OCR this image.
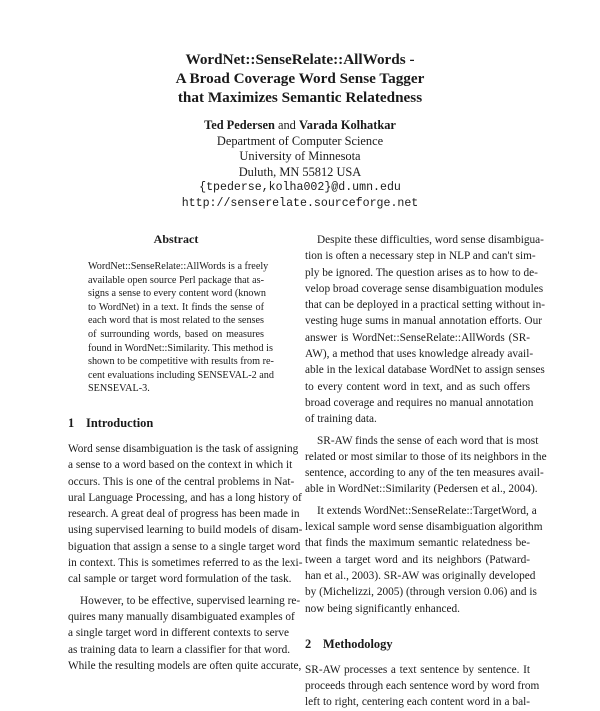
WordNet::SenseRelate::AllWords -
A Broad Coverage Word Sense Tagger
that Maximizes Semantic Relatedness
Ted Pedersen and Varada Kolhatkar
Department of Computer Science
University of Minnesota
Duluth, MN 55812 USA
{tpederse,kolha002}@d.umn.edu
http://senserelate.sourceforge.net
Abstract
WordNet::SenseRelate::AllWords is a freely
available open source Perl package that as-
signs a sense to every content word (known
to WordNet) in a text. It finds the sense of
each word that is most related to the senses
of surrounding words, based on measures
found in WordNet::Similarity. This method is
shown to be competitive with results from re-
cent evaluations including SENSEVAL-2 and
SENSEVAL-3.
1 Introduction

Word sense disambiguation is the task of assigning
a sense to a word based on the context in which it
occurs. This is one of the central problems in Nat-
ural Language Processing, and has a long history of
research. A great deal of progress has been made in
using supervised learning to build models of disam-
biguation that assign a sense to a single target word
in context. This is sometimes referred to as the lexi-
cal sample or target word formulation of the task.

However, to be effective, supervised learning re-
quires many manually disambiguated examples of
a single target word in different contexts to serve
as training data to learn a classifier for that word.
While the resulting models are often quite accurate,

Despite these difficulties, word sense disambigua-
tion is often a necessary step in NLP and can't sim-
ply be ignored. The question arises as to how to de-
velop broad coverage sense disambiguation modules
that can be deployed in a practical setting without in-
vesting huge sums in manual annotation efforts. Our
answer is WordNet::SenseRelate::AllWords (SR-
AW), a method that uses knowledge already avail-
able in the lexical database WordNet to assign senses
to every content word in text, and as such offers
broad coverage and requires no manual annotation
of training data.

SR-AW finds the sense of each word that is most
related or most similar to those of its neighbors in the
sentence, according to any of the ten measures avail-
able in WordNet::Similarity (Pedersen et al., 2004).

It extends WordNet::SenseRelate::TargetWord, a
lexical sample word sense disambiguation algorithm
that finds the maximum semantic relatedness be-
tween a target word and its neighbors (Patward-
han et al., 2003). SR-AW was originally developed
by (Michelizzi, 2005) (through version 0.06) and is
now being significantly enhanced.

2 Methodology

SR-AW processes a text sentence by sentence. It
proceeds through each sentence word by word from
left to right, centering each content word in a bal-
